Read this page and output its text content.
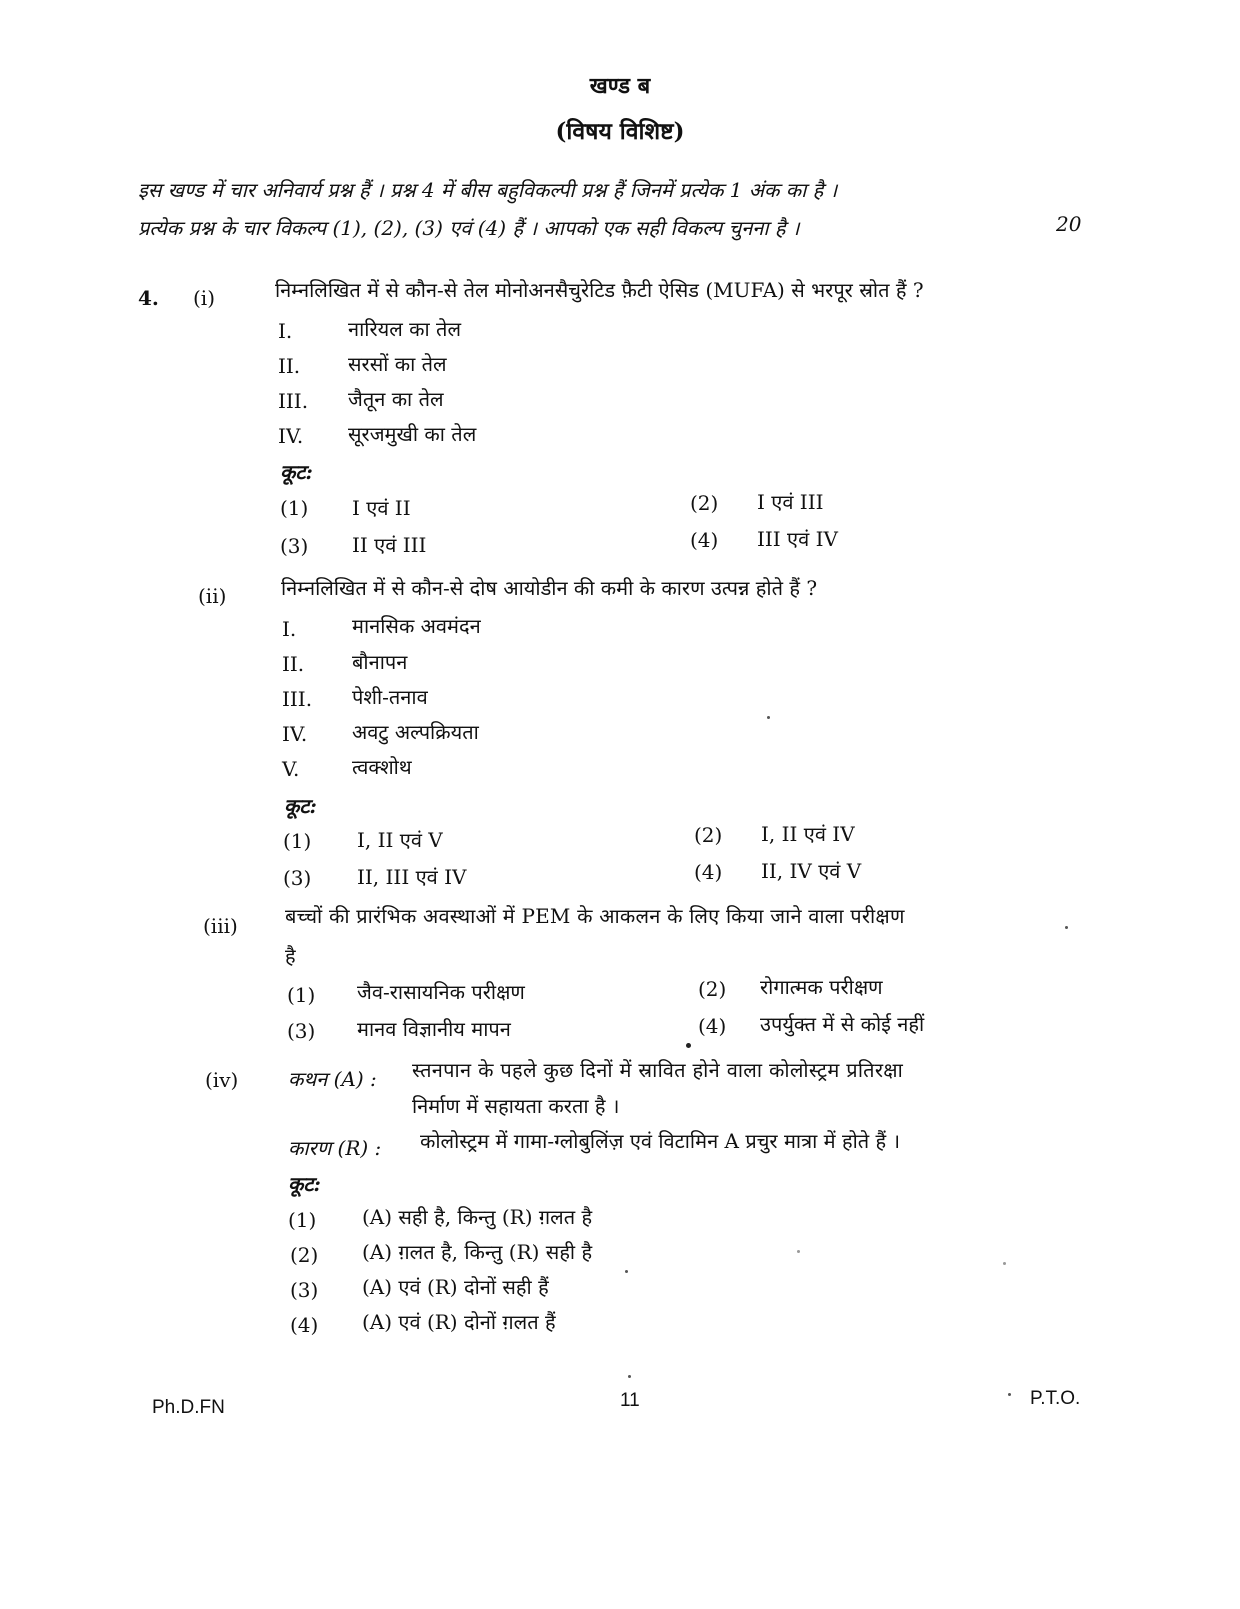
खण्ड ब
(विषय विशिष्ट)
इस खण्ड में चार अनिवार्य प्रश्न हैं । प्रश्न 4 में बीस बहुविकल्पी प्रश्न हैं जिनमें प्रत्येक 1 अंक का है ।
प्रत्येक प्रश्न के चार विकल्प (1), (2), (3) एवं (4) हैं । आपको एक सही विकल्प चुनना है ।	20
4. (i)	निम्नलिखित में से कौन-से तेल मोनोअनसैचुरेटिड फ़ैटी ऐसिड (MUFA) से भरपूर स्रोत हैं ?
I.	नारियल का तेल
II. सरसों का तेल
III. जैतून का तेल
IV. सूरजमुखी का तेल
कूट:
(1) I एवं II	(2) I एवं III
(3) II एवं III	(4) III एवं IV
(ii)	निम्नलिखित में से कौन-से दोष आयोडीन की कमी के कारण उत्पन्न होते हैं ?
I.	मानसिक अवमंदन
II. बौनापन
III. पेशी-तनाव
IV. अवटु अल्पक्रियता
V.	त्वक्शोथ
कूट:
(1) I, II एवं V	(2) I, II एवं IV
(3) II, III एवं IV	(4) II, IV एवं V
(iii) बच्चों की प्रारंभिक अवस्थाओं में PEM के आकलन के लिए किया जाने वाला परीक्षण
है
(1) जैव-रासायनिक परीक्षण	(2) रोगात्मक परीक्षण
(3) मानव विज्ञानीय मापन	(4) उपर्युक्त में से कोई नहीं
(iv) कथन (A) : स्तनपान के पहले कुछ दिनों में स्रावित होने वाला कोलोस्ट्रम प्रतिरक्षा
निर्माण में सहायता करता है ।
कारण (R) : कोलोस्ट्रम में गामा-ग्लोबुलिंज़ एवं विटामिन A प्रचुर मात्रा में होते हैं ।
कूट:
(1) (A) सही है, किन्तु (R) ग़लत है
(2) (A) ग़लत है, किन्तु (R) सही है
(3) (A) एवं (R) दोनों सही हैं
(4) (A) एवं (R) दोनों ग़लत हैं
Ph.D.FN	11	P.T.O.
